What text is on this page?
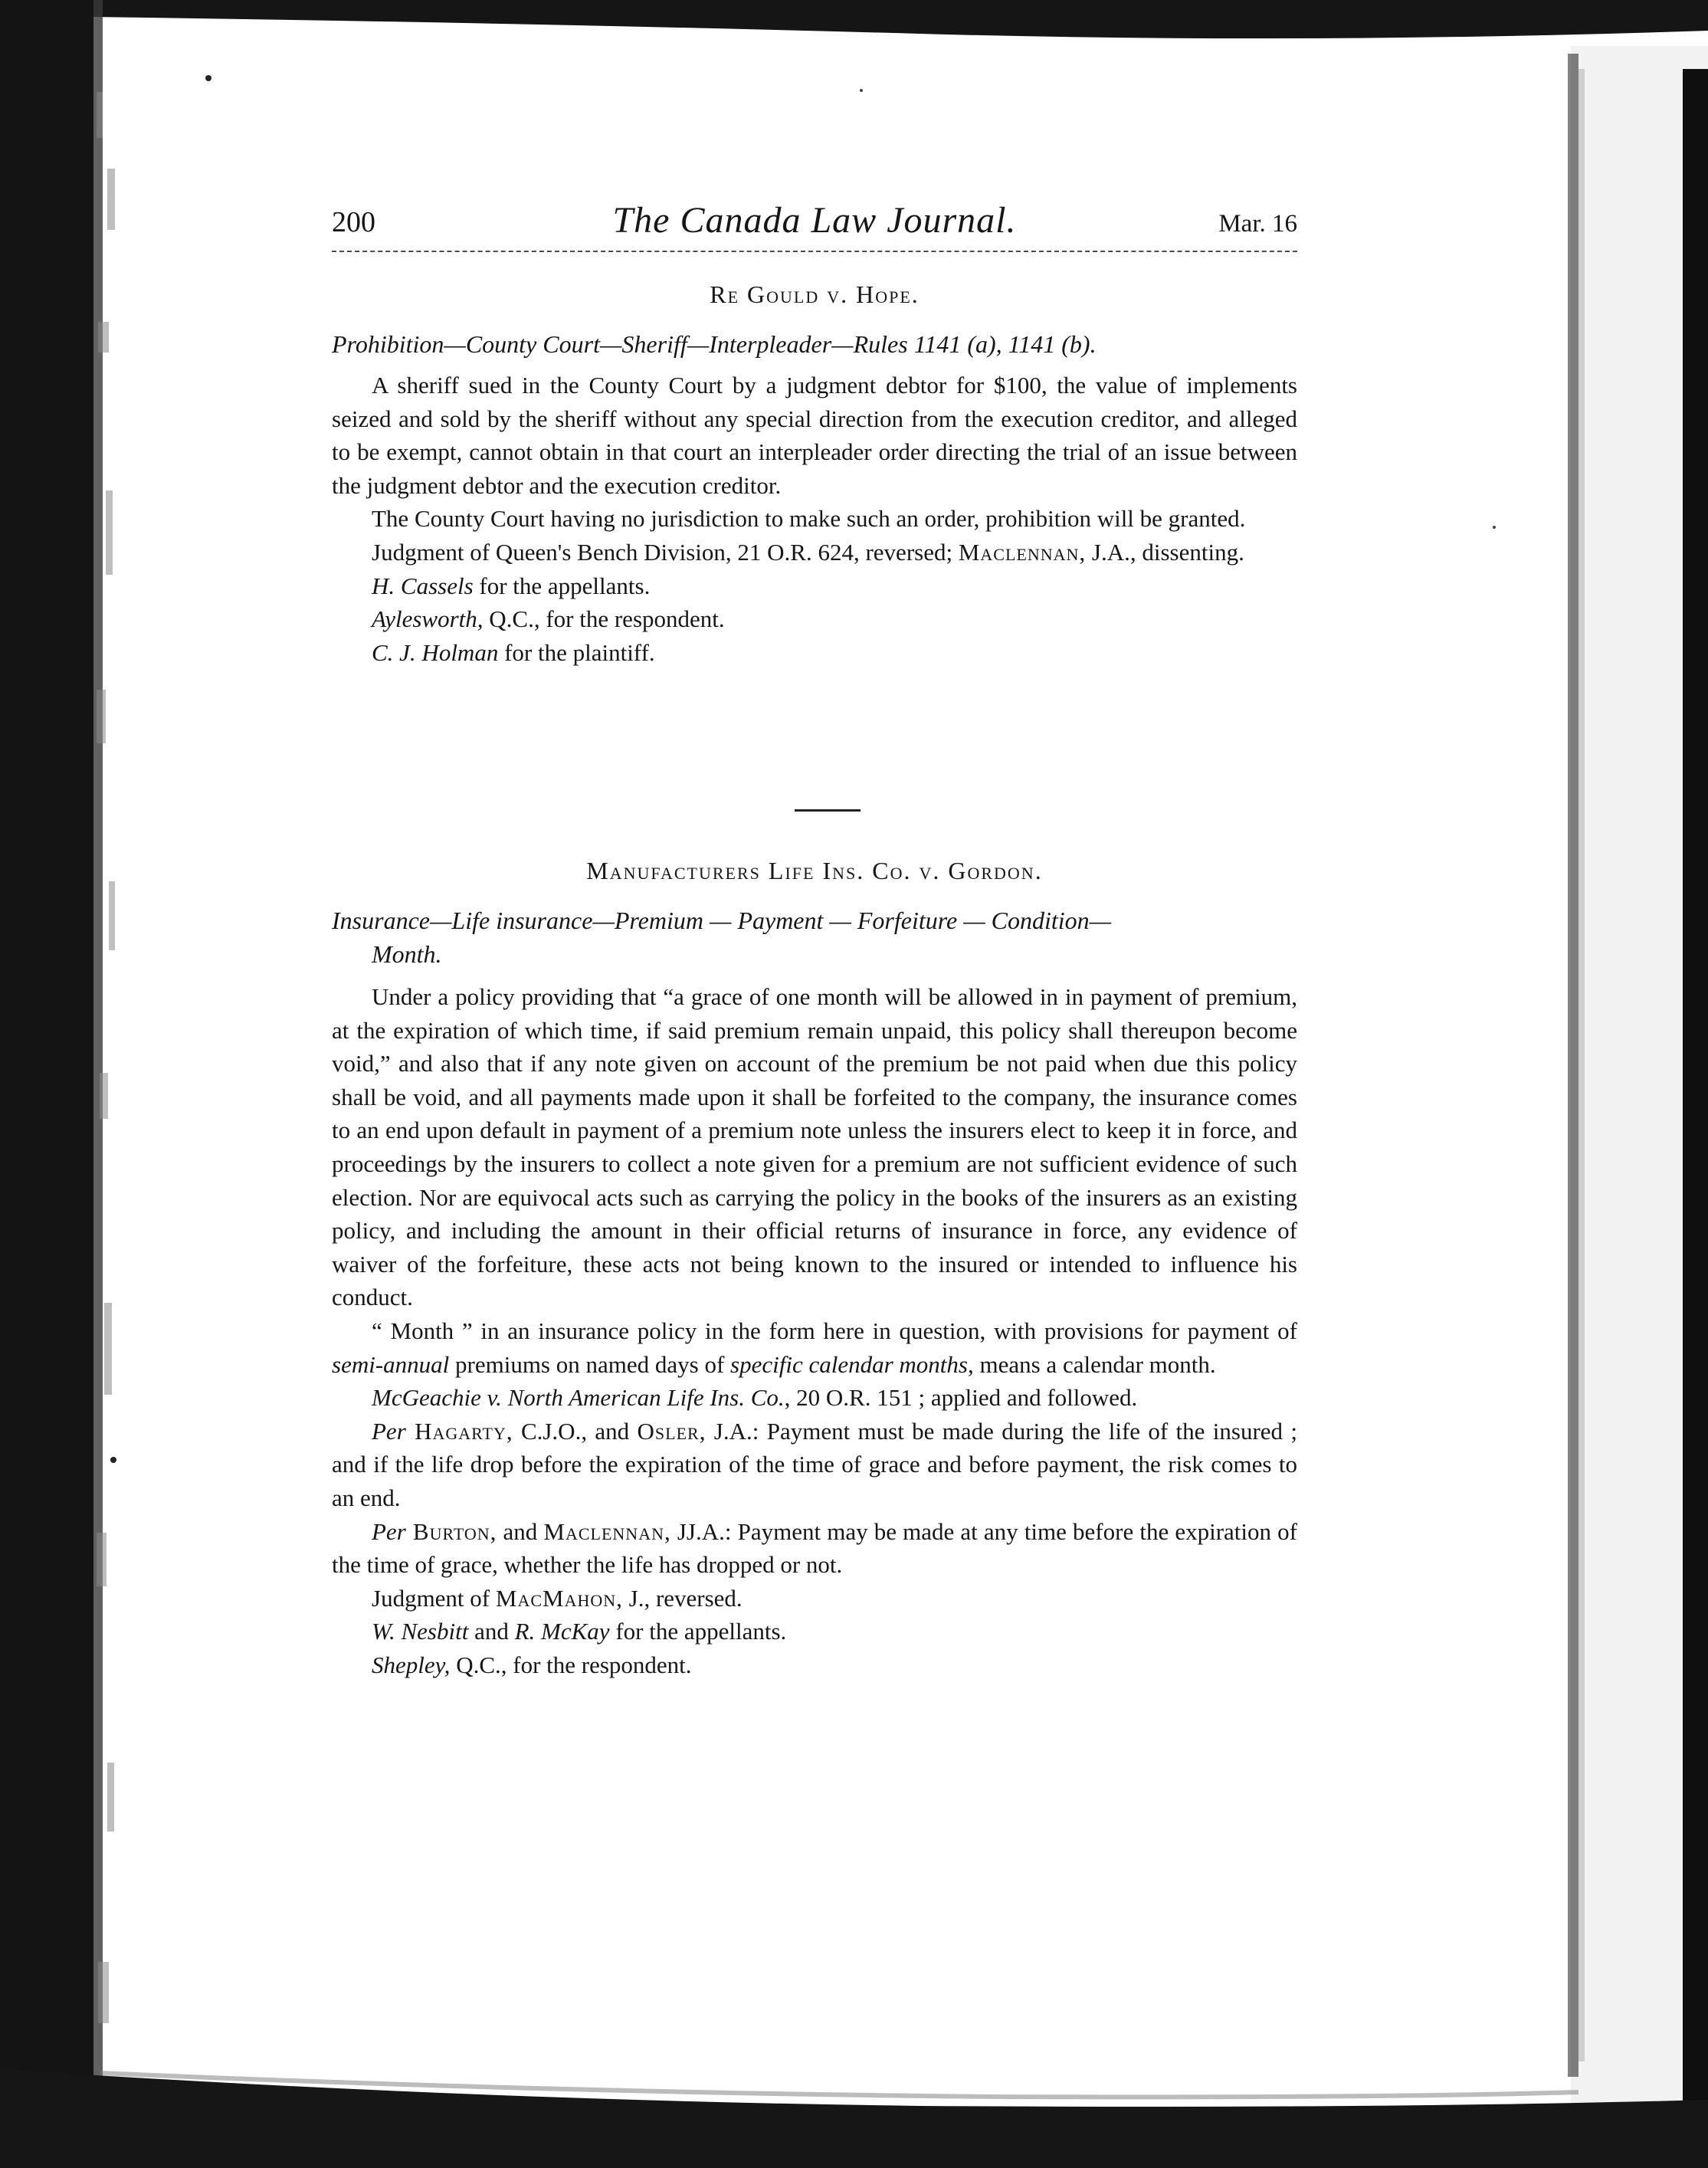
200	The Canada Law Journal.	Mar. 16

Re Gould v. Hope.

Prohibition—County Court—Sheriff—Interpleader—Rules 1141 (a), 1141 (b).

A sheriff sued in the County Court by a judgment debtor for $100, the value of implements seized and sold by the sheriff without any special direction from the execution creditor, and alleged to be exempt, cannot obtain in that court an interpleader order directing the trial of an issue between the judgment debtor and the execution creditor.

The County Court having no jurisdiction to make such an order, prohibition will be granted.

Judgment of Queen's Bench Division, 21 O.R. 624, reversed; Maclennan, J.A., dissenting.

H. Cassels for the appellants.

Aylesworth, Q.C., for the respondent.

C. J. Holman for the plaintiff.

Manufacturers Life Ins. Co. v. Gordon.

Insurance—Life insurance—Premium — Payment — Forfeiture — Condition—

Month.

Under a policy providing that “a grace of one month will be allowed in in payment of premium, at the expiration of which time, if said premium remain unpaid, this policy shall thereupon become void,” and also that if any note given on account of the premium be not paid when due this policy shall be void, and all payments made upon it shall be forfeited to the company, the insurance comes to an end upon default in payment of a premium note unless the insurers elect to keep it in force, and proceedings by the insurers to collect a note given for a premium are not sufficient evidence of such election. Nor are equivocal acts such as carrying the policy in the books of the insurers as an existing policy, and including the amount in their official returns of insurance in force, any evidence of waiver of the forfeiture, these acts not being known to the insured or intended to influence his conduct.

“ Month ” in an insurance policy in the form here in question, with provisions for payment of semi-annual premiums on named days of specific calendar months, means a calendar month.

McGeachie v. North American Life Ins. Co., 20 O.R. 151 ; applied and followed.

Per Hagarty, C.J.O., and Osler, J.A.: Payment must be made during the life of the insured ; and if the life drop before the expiration of the time of grace and before payment, the risk comes to an end.

Per Burton, and Maclennan, JJ.A.: Payment may be made at any time before the expiration of the time of grace, whether the life has dropped or not.

Judgment of MacMahon, J., reversed.

W. Nesbitt and R. McKay for the appellants.

Shepley, Q.C., for the respondent.
